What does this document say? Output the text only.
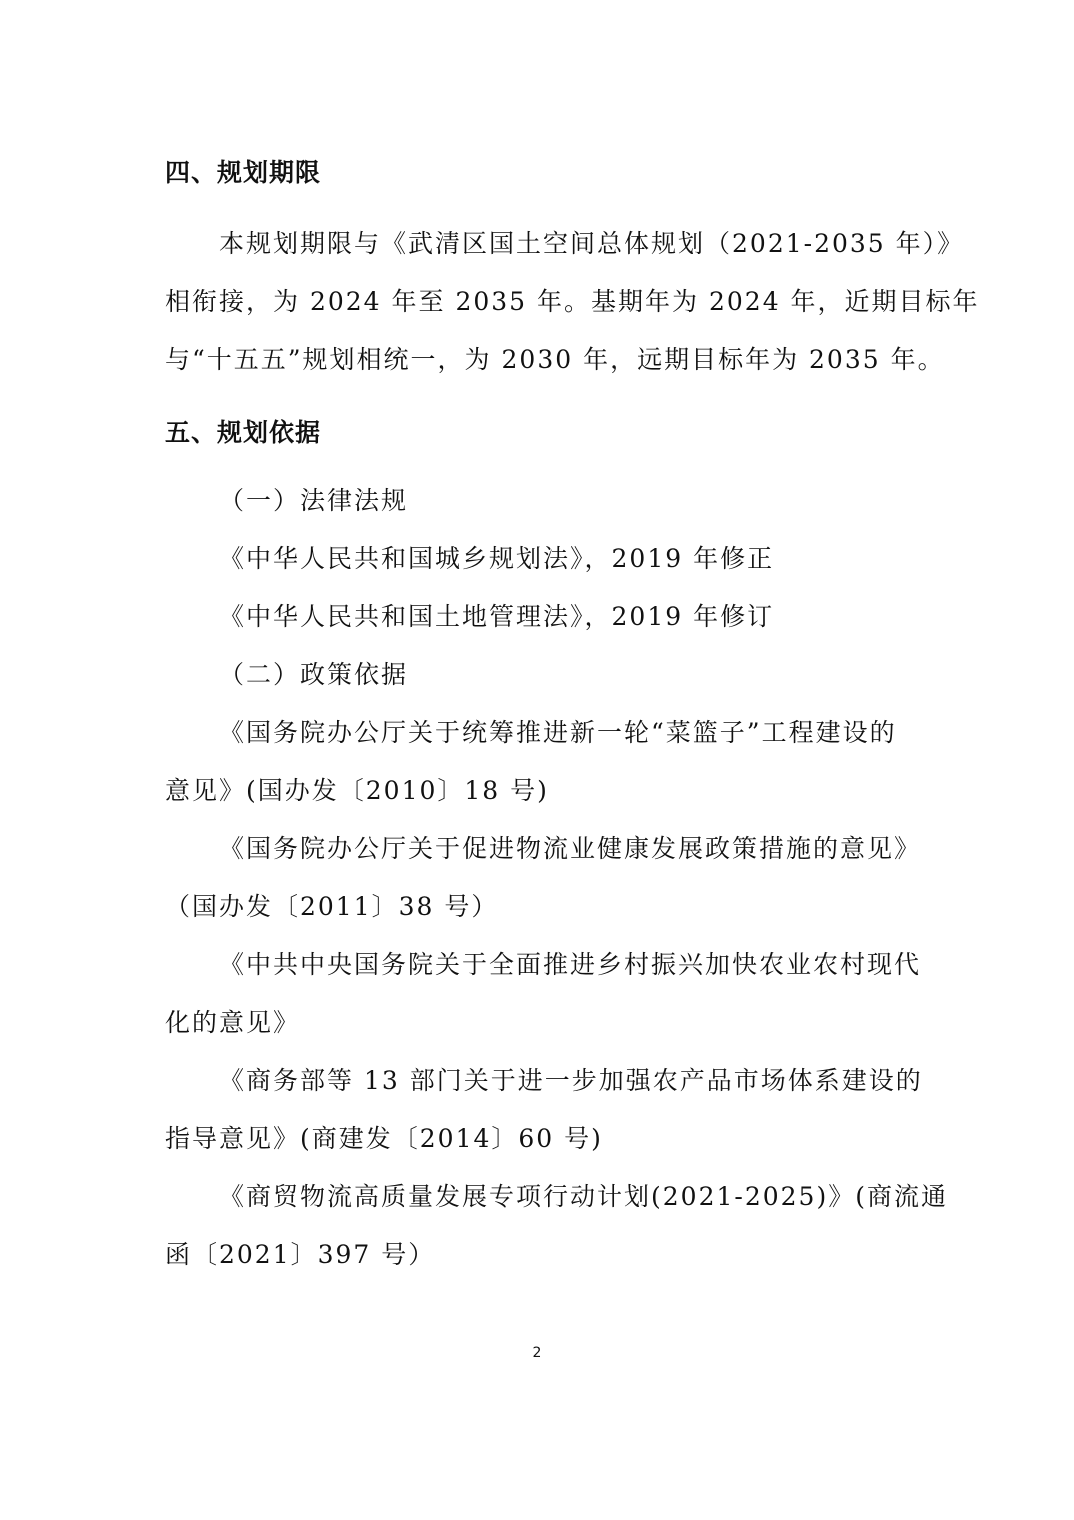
四、规划期限
本规划期限与《武清区国土空间总体规划（2021-2035 年）》
相衔接，为 2024 年至 2035 年。基期年为 2024 年，近期目标年
与“十五五”规划相统一，为 2030 年，远期目标年为 2035 年。
五、规划依据
（一）法律法规
《中华人民共和国城乡规划法》，2019 年修正
《中华人民共和国土地管理法》，2019 年修订
（二）政策依据
《国务院办公厅关于统筹推进新一轮“菜篮子”工程建设的
意见》(国办发〔2010〕18 号)
《国务院办公厅关于促进物流业健康发展政策措施的意见》
（国办发〔2011〕38 号）
《中共中央国务院关于全面推进乡村振兴加快农业农村现代
化的意见》
《商务部等 13 部门关于进一步加强农产品市场体系建设的
指导意见》(商建发〔2014〕60 号)
《商贸物流高质量发展专项行动计划(2021-2025)》(商流通
函〔2021〕397 号）
2
